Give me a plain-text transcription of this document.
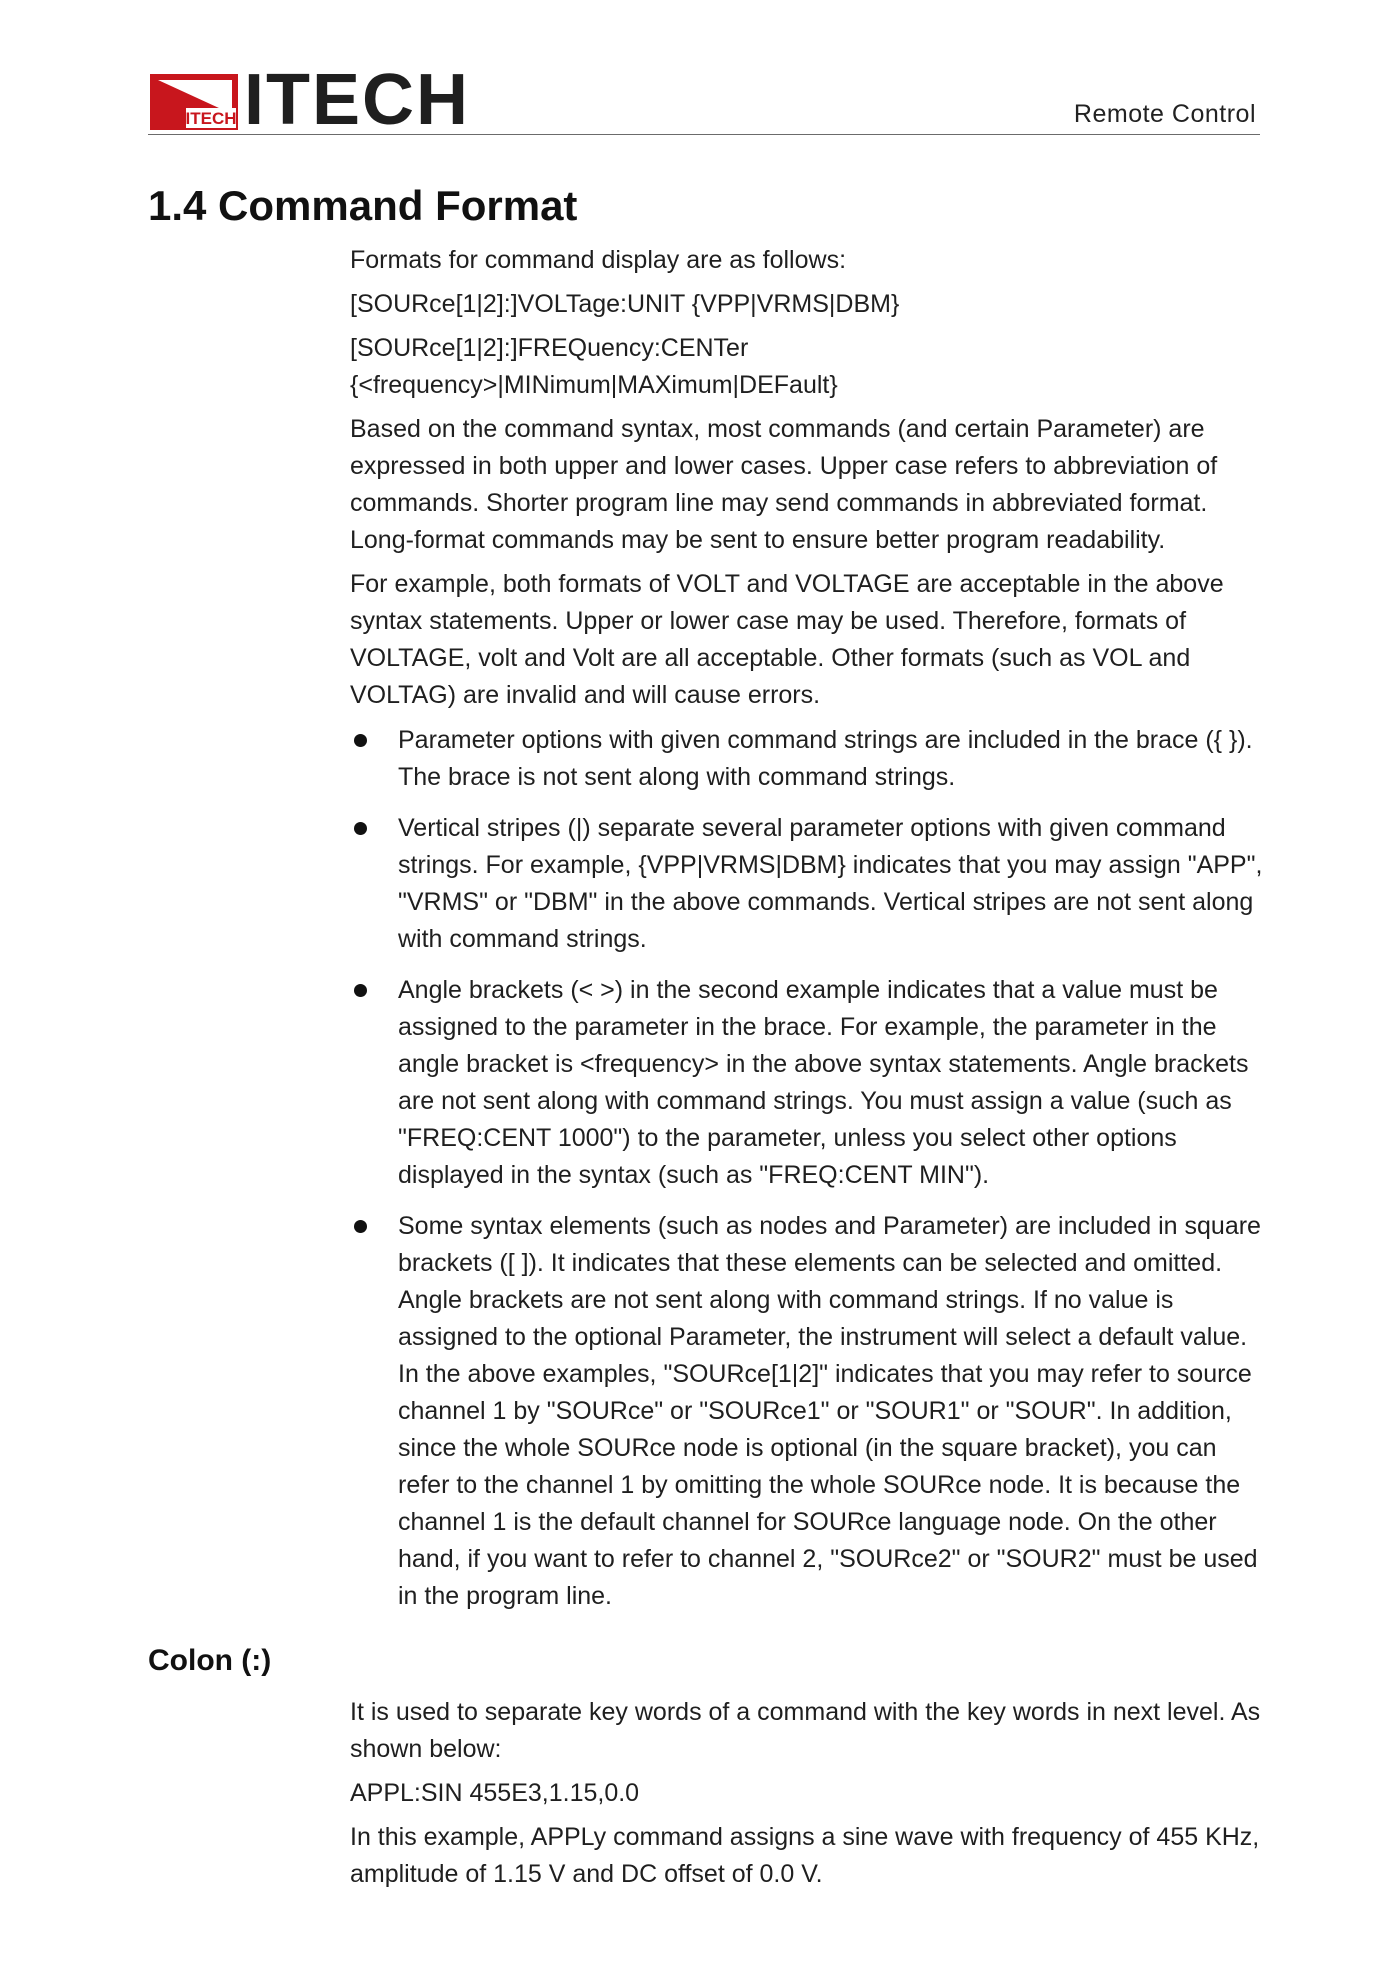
ITECH ITECH	Remote Control
1.4 Command Format

Formats for command display are as follows:

[SOURce[1|2]:]VOLTage:UNIT {VPP|VRMS|DBM}

[SOURce[1|2]:]FREQuency:CENTer

{<frequency>|MINimum|MAXimum|DEFault}

Based on the command syntax, most commands (and certain Parameter) are expressed in both upper and lower cases. Upper case refers to abbreviation of commands. Shorter program line may send commands in abbreviated format. Long-format commands may be sent to ensure better program readability.

For example, both formats of VOLT and VOLTAGE are acceptable in the above syntax statements. Upper or lower case may be used. Therefore, formats of VOLTAGE, volt and Volt are all acceptable. Other formats (such as VOL and VOLTAG) are invalid and will cause errors.

Parameter options with given command strings are included in the brace ({ }). The brace is not sent along with command strings.
Vertical stripes (|) separate several parameter options with given command strings. For example, {VPP|VRMS|DBM} indicates that you may assign "APP", "VRMS" or "DBM" in the above commands. Vertical stripes are not sent along with command strings.
Angle brackets (< >) in the second example indicates that a value must be assigned to the parameter in the brace. For example, the parameter in the angle bracket is <frequency> in the above syntax statements. Angle brackets are not sent along with command strings. You must assign a value (such as "FREQ:CENT 1000") to the parameter, unless you select other options displayed in the syntax (such as "FREQ:CENT MIN").
Some syntax elements (such as nodes and Parameter) are included in square brackets ([ ]). It indicates that these elements can be selected and omitted. Angle brackets are not sent along with command strings. If no value is assigned to the optional Parameter, the instrument will select a default value. In the above examples, "SOURce[1|2]" indicates that you may refer to source channel 1 by "SOURce" or "SOURce1" or "SOUR1" or "SOUR". In addition, since the whole SOURce node is optional (in the square bracket), you can refer to the channel 1 by omitting the whole SOURce node. It is because the channel 1 is the default channel for SOURce language node. On the other hand, if you want to refer to channel 2, "SOURce2" or "SOUR2" must be used in the program line.
Colon (:)

It is used to separate key words of a command with the key words in next level. As shown below:

APPL:SIN 455E3,1.15,0.0

In this example, APPLy command assigns a sine wave with frequency of 455 KHz, amplitude of 1.15 V and DC offset of 0.0 V.
